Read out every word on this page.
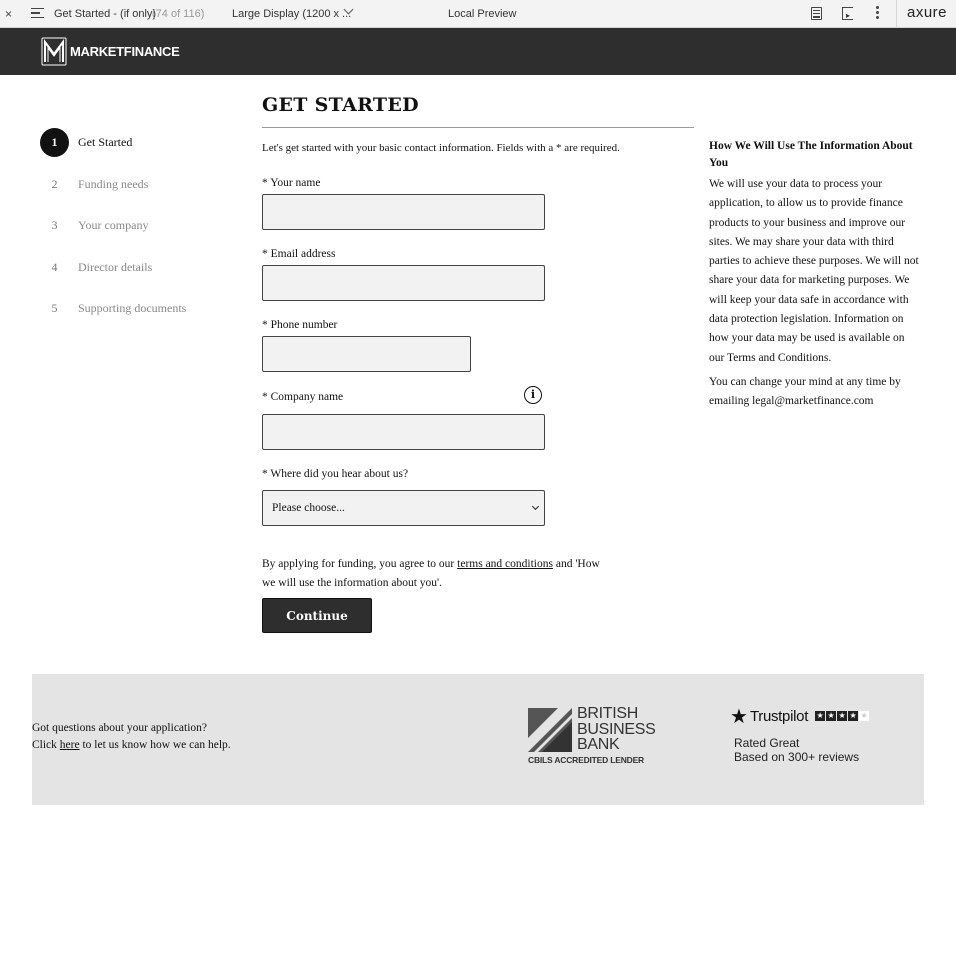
×	Get Started - (if only)
(74 of 116)	Large Display (1200 x ...	Local Preview	▸	axure
MARKETFINANCE
1	Get Started
2	Funding needs
3	Your company
4	Director details
5	Supporting documents
GET STARTED
Let's get started with your basic contact information. Fields with a * are required.
* Your name
* Email address
* Phone number
* Company name	i
* Where did you hear about us?
Please choose...
By applying for funding, you agree to our terms and conditions and 'How we will use the information about you'.
Continue
How We Will Use The Information About You
We will use your data to process your application, to allow us to provide finance products to your business and improve our sites. We may share your data with third parties to achieve these purposes. We will not share your data for marketing purposes. We will keep your data safe in accordance with data protection legislation. Information on how your data may be used is available on our Terms and Conditions.
You can change your mind at any time by emailing legal@marketfinance.com
Got questions about your application?
Click here to let us know how we can help.
BRITISH
BUSINESS
BANK
CBILS ACCREDITED LENDER
★ Trustpilot ★ ★ ★ ★ ★
Rated Great
Based on 300+ reviews
